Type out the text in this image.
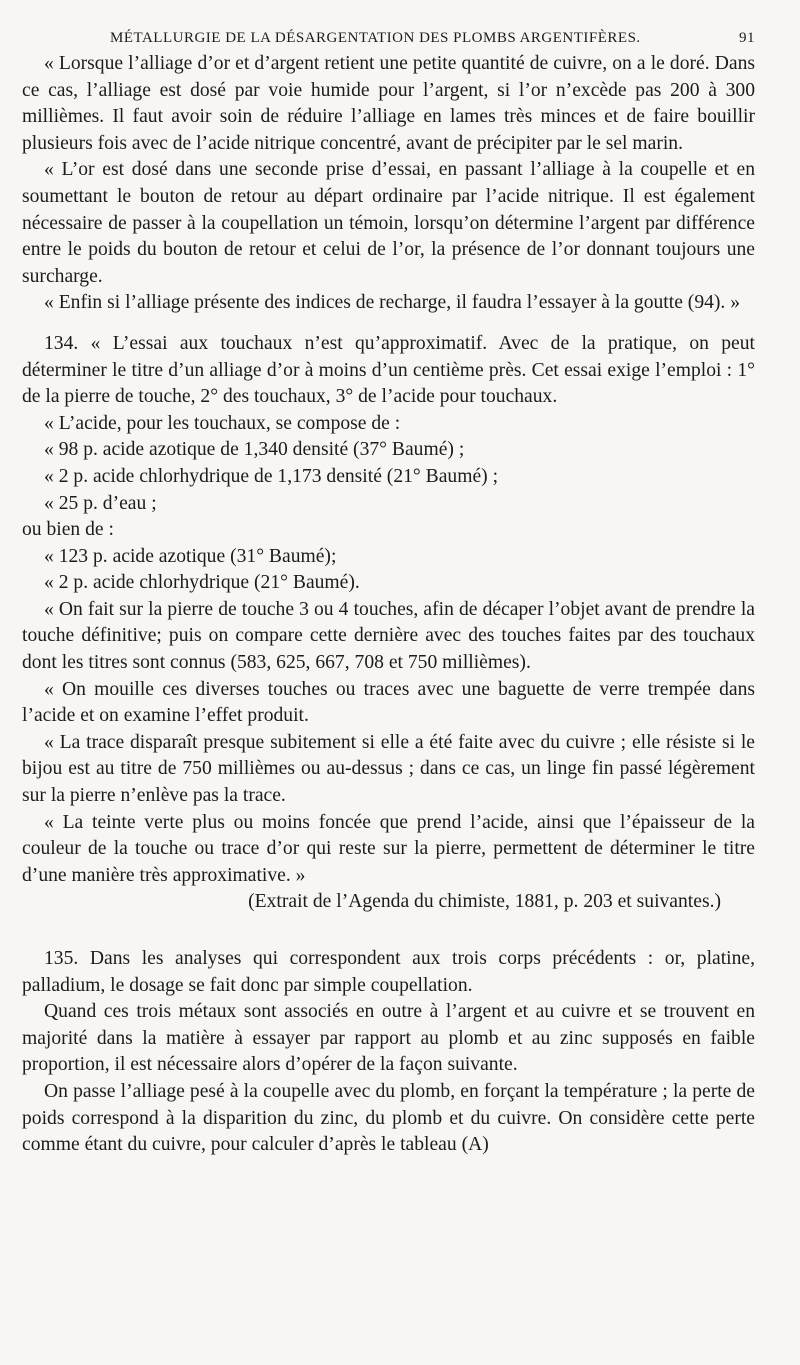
MÉTALLURGIE DE LA DÉSARGENTATION DES PLOMBS ARGENTIFÈRES.	91

« Lorsque l’alliage d’or et d’argent retient une petite quantité de cuivre, on a le doré. Dans ce cas, l’alliage est dosé par voie humide pour l’argent, si l’or n’excède pas 200 à 300 millièmes. Il faut avoir soin de réduire l’alliage en lames très minces et de faire bouillir plusieurs fois avec de l’acide nitrique concentré, avant de précipiter par le sel marin.

« L’or est dosé dans une seconde prise d’essai, en passant l’alliage à la coupelle et en soumettant le bouton de retour au départ ordinaire par l’acide nitrique. Il est également nécessaire de passer à la coupellation un témoin, lorsqu’on détermine l’argent par différence entre le poids du bouton de retour et celui de l’or, la présence de l’or donnant toujours une surcharge.

« Enfin si l’alliage présente des indices de recharge, il faudra l’essayer à la goutte (94). »

134. « L’essai aux touchaux n’est qu’approximatif. Avec de la pratique, on peut déterminer le titre d’un alliage d’or à moins d’un centième près. Cet essai exige l’emploi : 1° de la pierre de touche, 2° des touchaux, 3° de l’acide pour touchaux.

« L’acide, pour les touchaux, se compose de :

« 98 p. acide azotique de 1,340 densité (37° Baumé) ;

« 2 p. acide chlorhydrique de 1,173 densité (21° Baumé) ;

« 25 p. d’eau ;

ou bien de :

« 123 p. acide azotique (31° Baumé);

« 2 p. acide chlorhydrique (21° Baumé).

« On fait sur la pierre de touche 3 ou 4 touches, afin de décaper l’objet avant de prendre la touche définitive; puis on compare cette dernière avec des touches faites par des touchaux dont les titres sont connus (583, 625, 667, 708 et 750 millièmes).

« On mouille ces diverses touches ou traces avec une baguette de verre trempée dans l’acide et on examine l’effet produit.

« La trace disparaît presque subitement si elle a été faite avec du cuivre ; elle résiste si le bijou est au titre de 750 millièmes ou au-dessus ; dans ce cas, un linge fin passé légèrement sur la pierre n’enlève pas la trace.

« La teinte verte plus ou moins foncée que prend l’acide, ainsi que l’épaisseur de la couleur de la touche ou trace d’or qui reste sur la pierre, permettent de déterminer le titre d’une manière très approximative. »

(Extrait de l’Agenda du chimiste, 1881, p. 203 et suivantes.)

135. Dans les analyses qui correspondent aux trois corps précédents : or, platine, palladium, le dosage se fait donc par simple coupellation.

Quand ces trois métaux sont associés en outre à l’argent et au cuivre et se trouvent en majorité dans la matière à essayer par rapport au plomb et au zinc supposés en faible proportion, il est nécessaire alors d’opérer de la façon suivante.

On passe l’alliage pesé à la coupelle avec du plomb, en forçant la température ; la perte de poids correspond à la disparition du zinc, du plomb et du cuivre. On considère cette perte comme étant du cuivre, pour calculer d’après le tableau (A)
